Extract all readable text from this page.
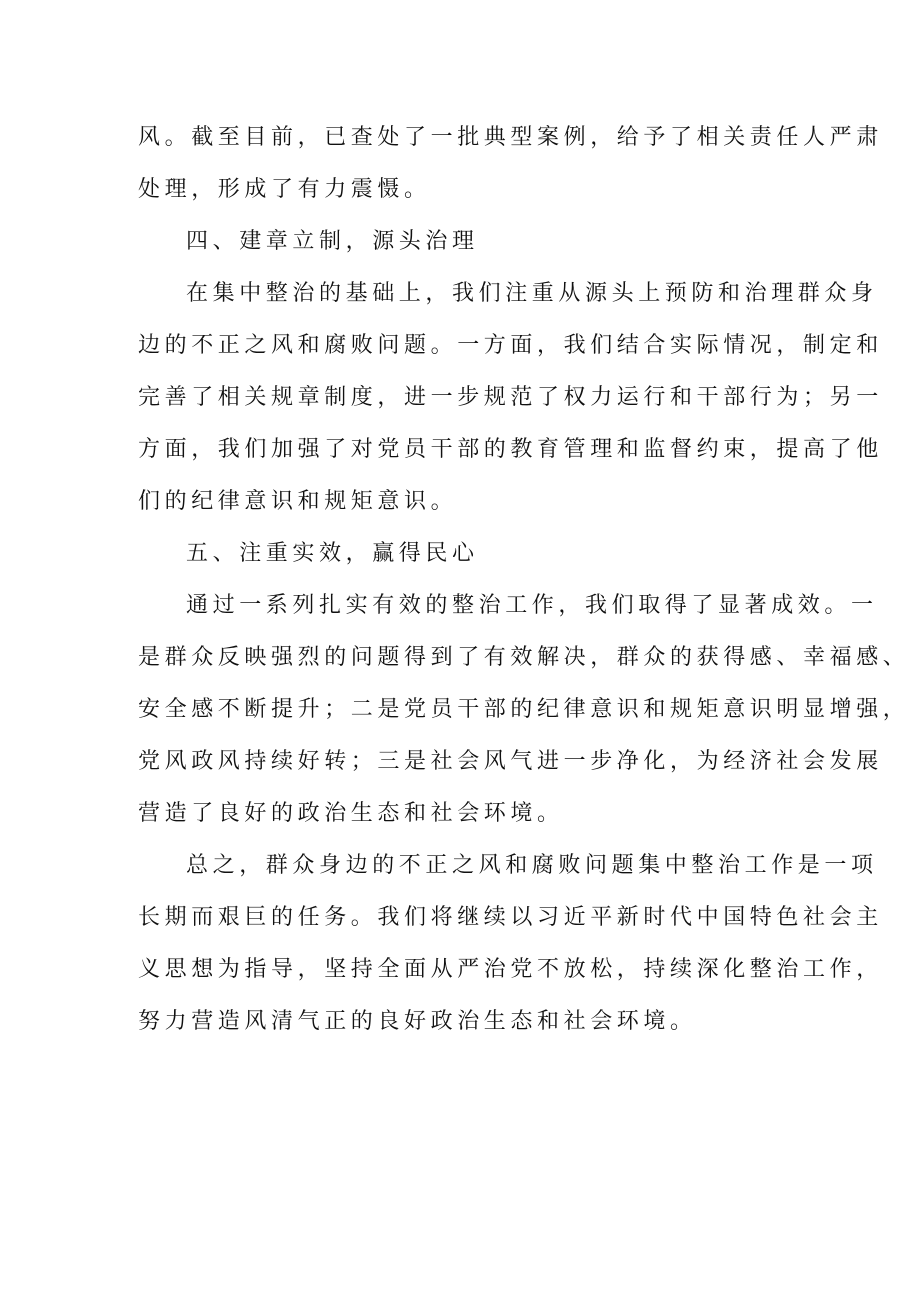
风。截至目前，已查处了一批典型案例，给予了相关责任人严肃
处理，形成了有力震慑。
四、建章立制，源头治理
在集中整治的基础上，我们注重从源头上预防和治理群众身
边的不正之风和腐败问题。一方面，我们结合实际情况，制定和
完善了相关规章制度，进一步规范了权力运行和干部行为；另一
方面，我们加强了对党员干部的教育管理和监督约束，提高了他
们的纪律意识和规矩意识。
五、注重实效，赢得民心
通过一系列扎实有效的整治工作，我们取得了显著成效。一
是群众反映强烈的问题得到了有效解决，群众的获得感、幸福感、
安全感不断提升；二是党员干部的纪律意识和规矩意识明显增强，
党风政风持续好转；三是社会风气进一步净化，为经济社会发展
营造了良好的政治生态和社会环境。
总之，群众身边的不正之风和腐败问题集中整治工作是一项
长期而艰巨的任务。我们将继续以习近平新时代中国特色社会主
义思想为指导，坚持全面从严治党不放松，持续深化整治工作，
努力营造风清气正的良好政治生态和社会环境。
